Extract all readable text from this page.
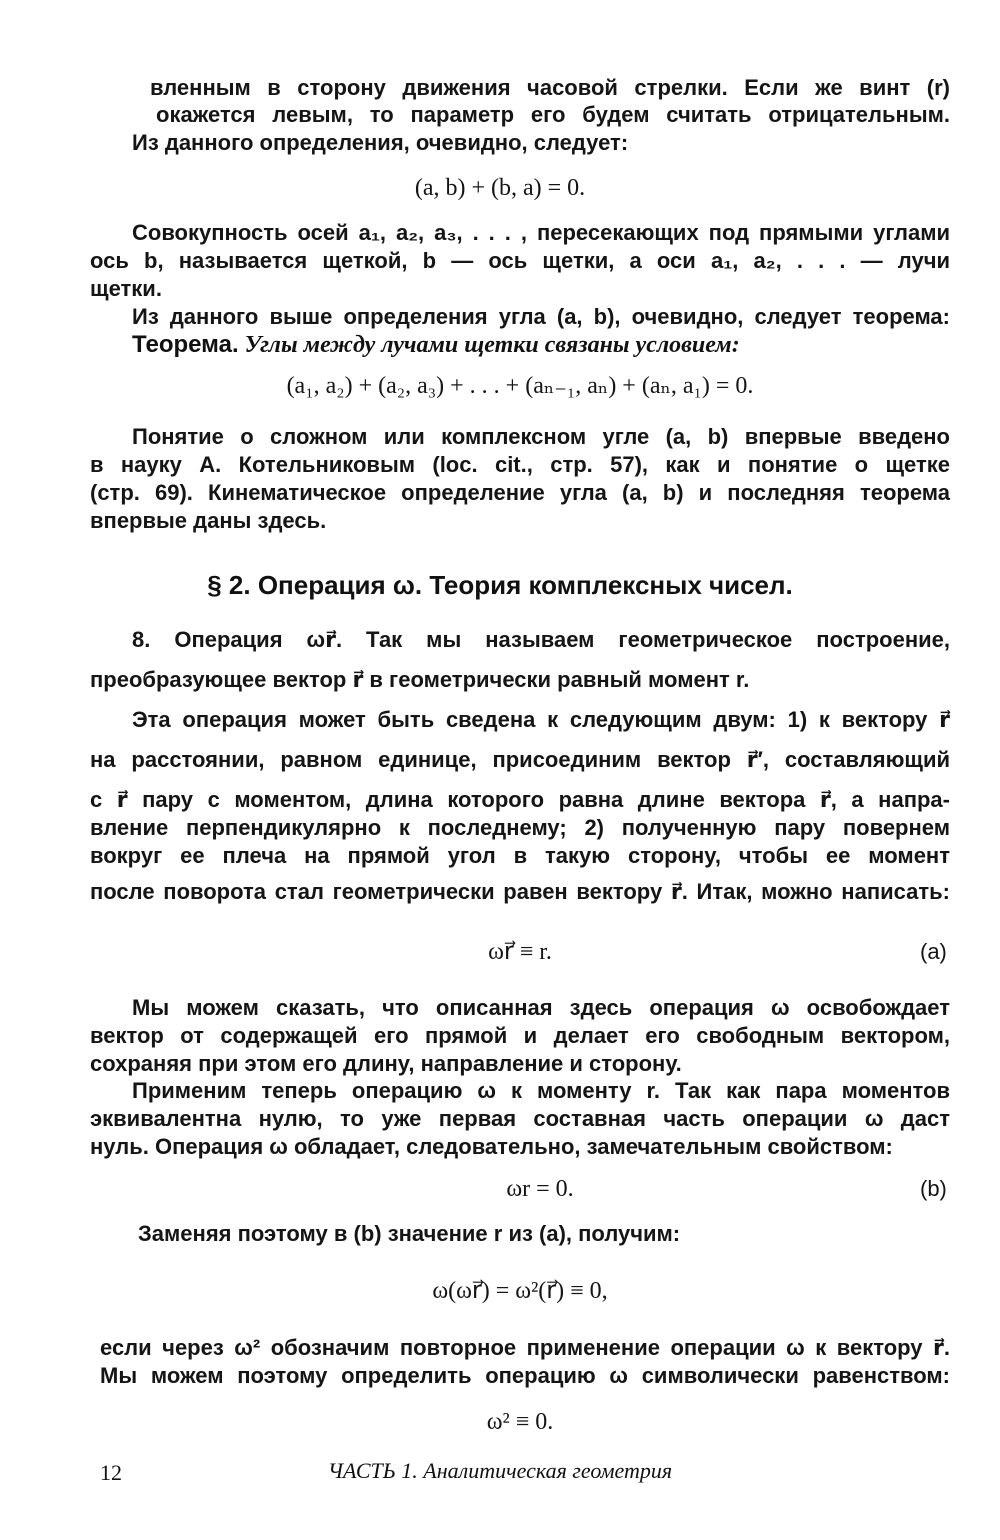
вленным в сторону движения часовой стрелки. Если же винт (r)
окажется левым, то параметр его будем считать отрицательным.
Из данного определения, очевидно, следует:
(a, b) + (b, a) = 0.
Совокупность осей a₁, a₂, a₃, . . . , пересекающих под прямыми углами
ось b, называется щеткой, b — ось щетки, а оси a₁, a₂, . . . — лучи
щетки.
Из данного выше определения угла (a, b), очевидно, следует теорема:
Теорема. Углы между лучами щетки связаны условием:
(a₁, a₂) + (a₂, a₃) + . . . + (aₙ₋₁, aₙ) + (aₙ, a₁) = 0.
Понятие о сложном или комплексном угле (a, b) впервые введено
в науку А. Котельниковым (loc. cit., стр. 57), как и понятие о щетке
(стр. 69). Кинематическое определение угла (a, b) и последняя теорема
впервые даны здесь.
§ 2. Операция ω. Теория комплексных чисел.
8. Операция ωr⃗. Так мы называем геометрическое построение,
преобразующее вектор r⃗ в геометрически равный момент r.
Эта операция может быть сведена к следующим двум: 1) к вектору r⃗
на расстоянии, равном единице, присоединим вектор r⃗′, составляющий
с r⃗ пару с моментом, длина которого равна длине вектора r⃗, а напра-
вление перпендикулярно к последнему; 2) полученную пару повернем
вокруг ее плеча на прямой угол в такую сторону, чтобы ее момент
после поворота стал геометрически равен вектору r⃗. Итак, можно написать:
ωr⃗ ≡ r.	(a)
Мы можем сказать, что описанная здесь операция ω освобождает
вектор от содержащей его прямой и делает его свободным вектором,
сохраняя при этом его длину, направление и сторону.
Применим теперь операцию ω к моменту r. Так как пара моментов
эквивалентна нулю, то уже первая составная часть операции ω даст
нуль. Операция ω обладает, следовательно, замечательным свойством:
ωr = 0.	(b)
Заменяя поэтому в (b) значение r из (a), получим:
ω(ωr⃗) = ω²(r⃗) ≡ 0,
если через ω² обозначим повторное применение операции ω к вектору r⃗.
Мы можем поэтому определить операцию ω символически равенством:
ω² ≡ 0.
12	ЧАСТЬ 1. Аналитическая геометрия
